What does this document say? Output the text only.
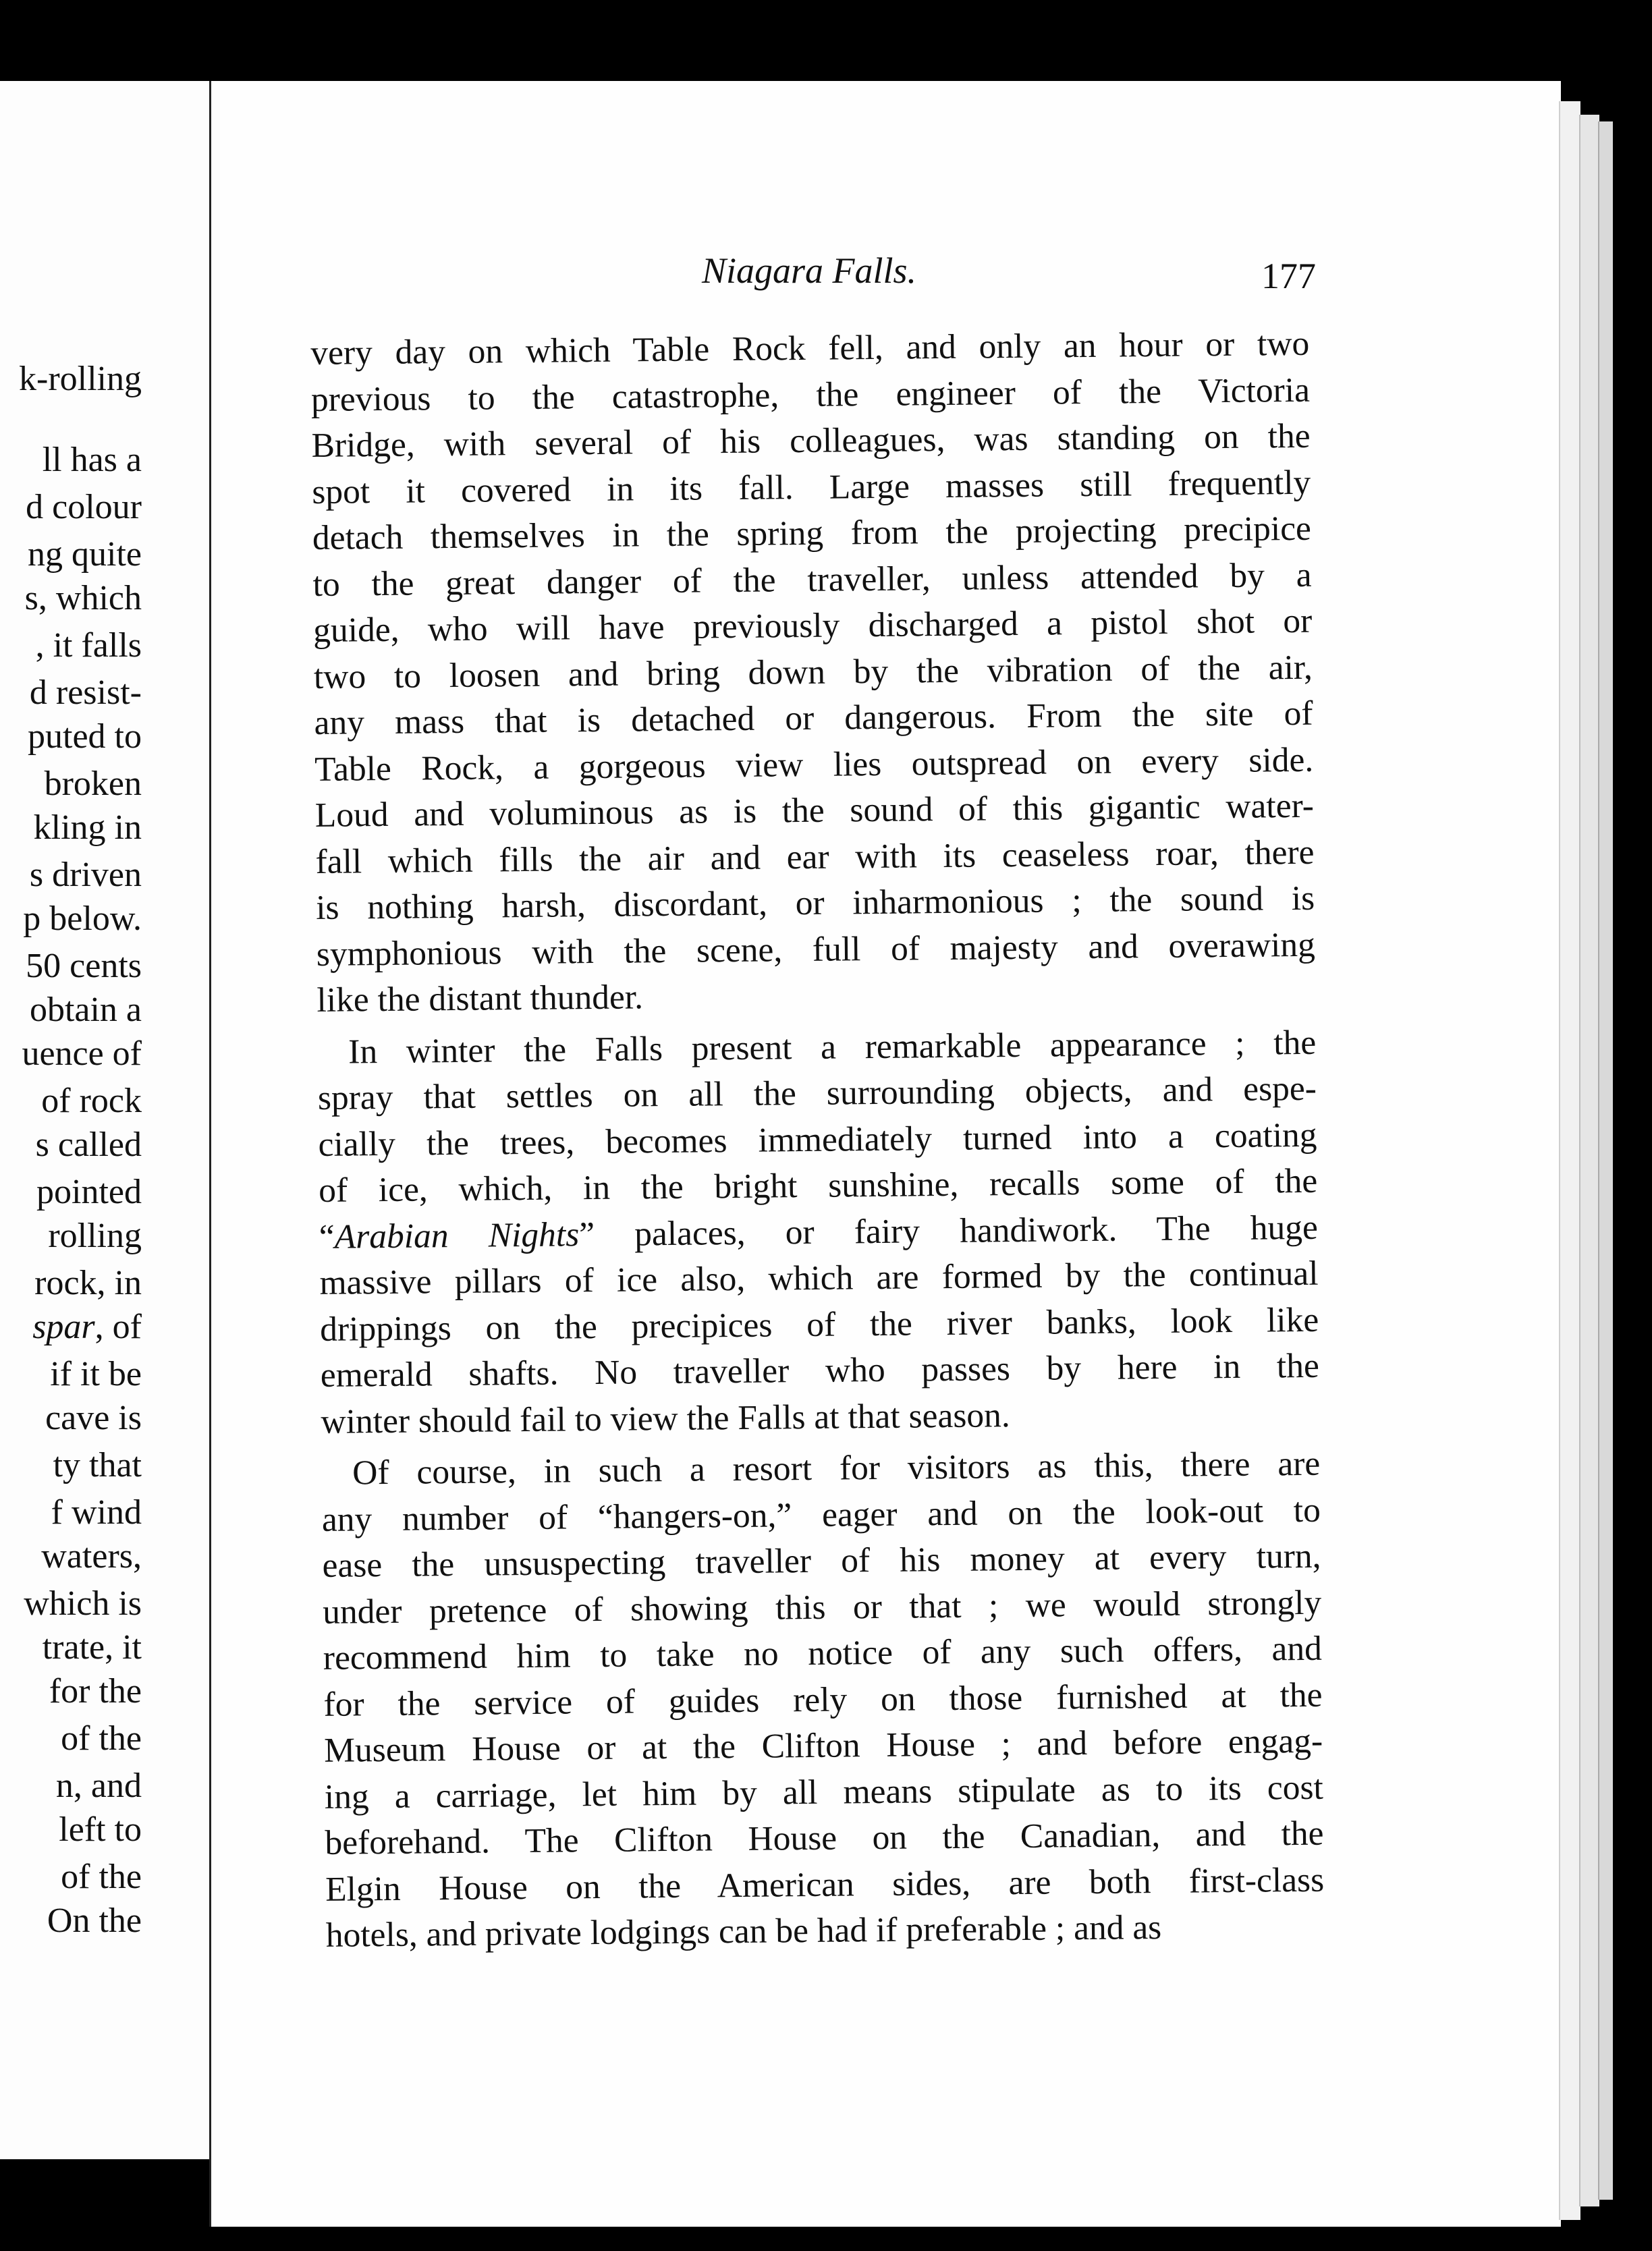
k-rolling
ll has a
d colour
ng quite
s, which
, it falls
d resist-
puted to
broken
kling in
s driven
p below.
50 cents
obtain a
uence of
of rock
s called
pointed
rolling
rock, in
spar, of
if it be
cave is
ty that
f wind
waters,
which is
trate, it
for the
of the
n, and
left to
of the
On the
Niagara Falls.	177
very day on which Table Rock fell, and only an hour or two
previous to the catastrophe, the engineer of the Victoria
Bridge, with several of his colleagues, was standing on the
spot it covered in its fall. Large masses still frequently
detach themselves in the spring from the projecting precipice
to the great danger of the traveller, unless attended by a
guide, who will have previously discharged a pistol shot or
two to loosen and bring down by the vibration of the air,
any mass that is detached or dangerous. From the site of
Table Rock, a gorgeous view lies outspread on every side.
Loud and voluminous as is the sound of this gigantic water-
fall which fills the air and ear with its ceaseless roar, there
is nothing harsh, discordant, or inharmonious ; the sound is
symphonious with the scene, full of majesty and overawing
like the distant thunder.
In winter the Falls present a remarkable appearance ; the
spray that settles on all the surrounding objects, and espe-
cially the trees, becomes immediately turned into a coating
of ice, which, in the bright sunshine, recalls some of the
“Arabian Nights” palaces, or fairy handiwork. The huge
massive pillars of ice also, which are formed by the continual
drippings on the precipices of the river banks, look like
emerald shafts. No traveller who passes by here in the
winter should fail to view the Falls at that season.
Of course, in such a resort for visitors as this, there are
any number of “hangers-on,” eager and on the look-out to
ease the unsuspecting traveller of his money at every turn,
under pretence of showing this or that ; we would strongly
recommend him to take no notice of any such offers, and
for the service of guides rely on those furnished at the
Museum House or at the Clifton House ; and before engag-
ing a carriage, let him by all means stipulate as to its cost
beforehand. The Clifton House on the Canadian, and the
Elgin House on the American sides, are both first-class
hotels, and private lodgings can be had if preferable ; and as
